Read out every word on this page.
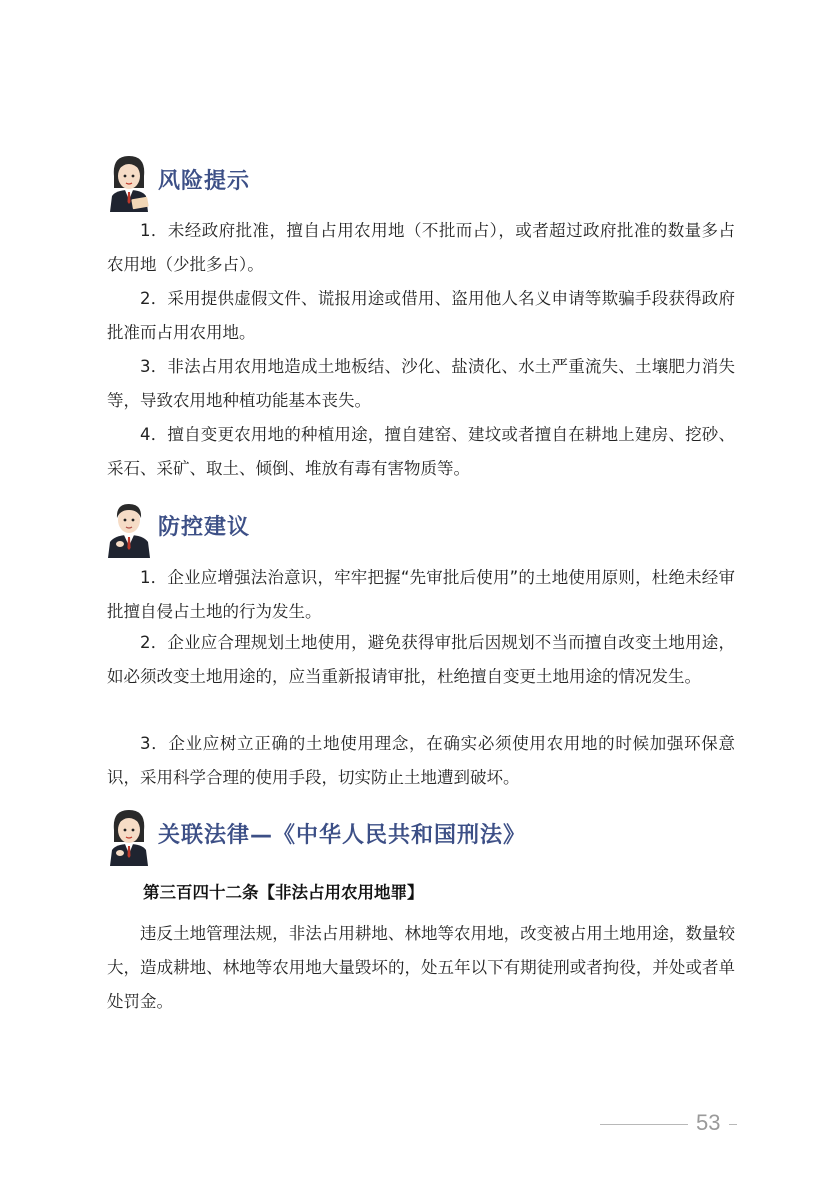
风险提示

1．未经政府批准，擅自占用农用地（不批而占），或者超过政府批准的数量多占农用地（少批多占）。

2．采用提供虚假文件、谎报用途或借用、盗用他人名义申请等欺骗手段获得政府批准而占用农用地。

3．非法占用农用地造成土地板结、沙化、盐渍化、水土严重流失、土壤肥力消失等，导致农用地种植功能基本丧失。

4．擅自变更农用地的种植用途，擅自建窑、建坟或者擅自在耕地上建房、挖砂、采石、采矿、取土、倾倒、堆放有毒有害物质等。

防控建议

1．企业应增强法治意识，牢牢把握“先审批后使用”的土地使用原则，杜绝未经审批擅自侵占土地的行为发生。

2．企业应合理规划土地使用，避免获得审批后因规划不当而擅自改变土地用途，如必须改变土地用途的，应当重新报请审批，杜绝擅自变更土地用途的情况发生。

3．企业应树立正确的土地使用理念，在确实必须使用农用地的时候加强环保意识，采用科学合理的使用手段，切实防止土地遭到破坏。

关联法律—《中华人民共和国刑法》
第三百四十二条【非法占用农用地罪】

违反土地管理法规，非法占用耕地、林地等农用地，改变被占用土地用途，数量较大，造成耕地、林地等农用地大量毁坏的，处五年以下有期徒刑或者拘役，并处或者单处罚金。

53
